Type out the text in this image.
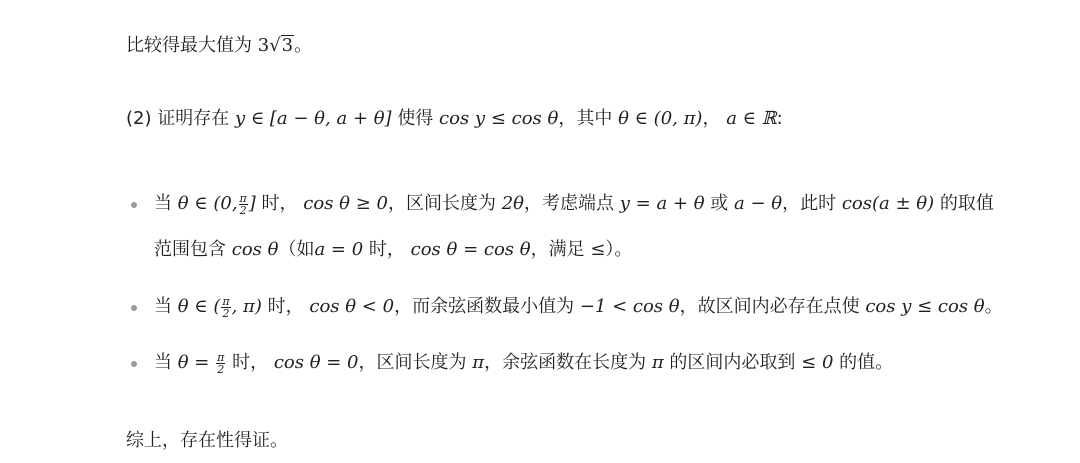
比较得最大值为 3√3。
(2) 证明存在 y ∈ [a − θ, a + θ] 使得 cos y ≤ cos θ，其中 θ ∈ (0, π)， a ∈ ℝ:
当 θ ∈ (0, $\frac{\pi}{2}$ ] 时， cos θ ≥ 0，区间长度为 2θ，考虑端点 y = a + θ 或 a − θ，此时 cos(a ± θ) 的取值
范围包含 cos θ（如a = 0 时， cos θ = cos θ，满足 ≤）。
当 θ ∈ ( $\frac{\pi}{2}$ , π) 时， cos θ < 0，而余弦函数最小值为 −1 < cos θ，故区间内必存在点使 cos y ≤ cos θ。
当 $\theta = \frac{\pi}{2}$ 时， cos θ = 0，区间长度为 π，余弦函数在长度为 π 的区间内必取到 ≤ 0 的值。
综上，存在性得证。
